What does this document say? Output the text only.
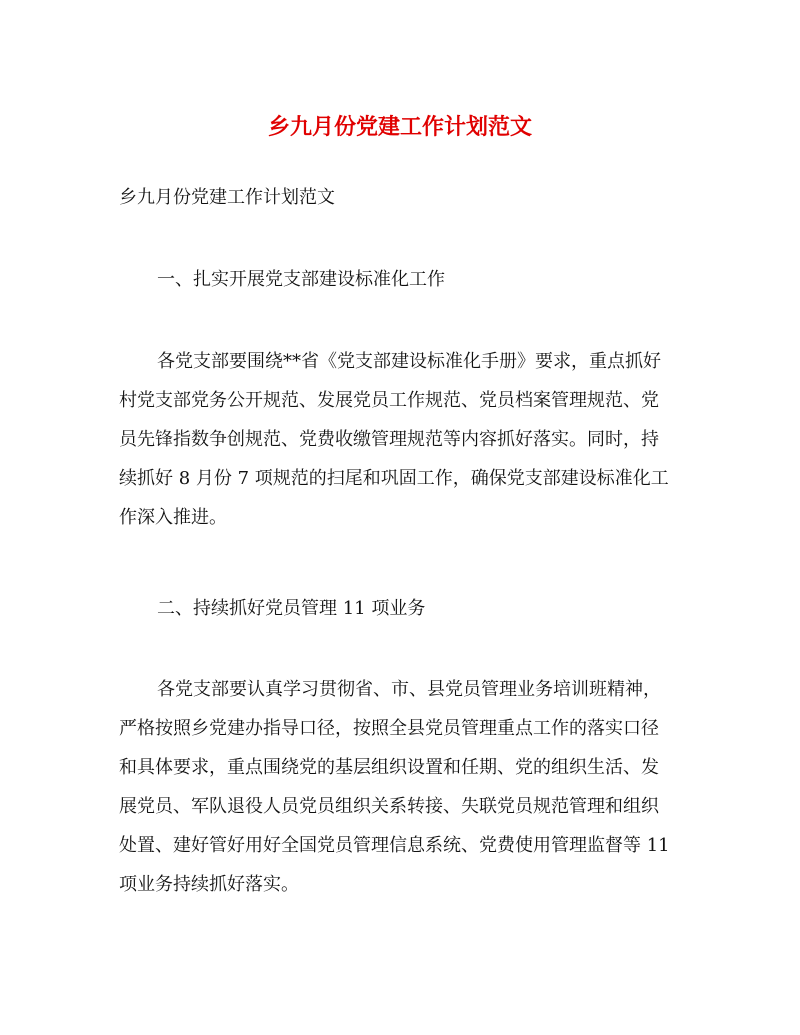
乡九月份党建工作计划范文
乡九月份党建工作计划范文
一、扎实开展党支部建设标准化工作
各党支部要围绕**省《党支部建设标准化手册》要求，重点抓好
村党支部党务公开规范、发展党员工作规范、党员档案管理规范、党
员先锋指数争创规范、党费收缴管理规范等内容抓好落实。同时，持
续抓好 8 月份 7 项规范的扫尾和巩固工作，确保党支部建设标准化工
作深入推进。
二、持续抓好党员管理 11 项业务
各党支部要认真学习贯彻省、市、县党员管理业务培训班精神，
严格按照乡党建办指导口径，按照全县党员管理重点工作的落实口径
和具体要求，重点围绕党的基层组织设置和任期、党的组织生活、发
展党员、军队退役人员党员组织关系转接、失联党员规范管理和组织
处置、建好管好用好全国党员管理信息系统、党费使用管理监督等 11
项业务持续抓好落实。
